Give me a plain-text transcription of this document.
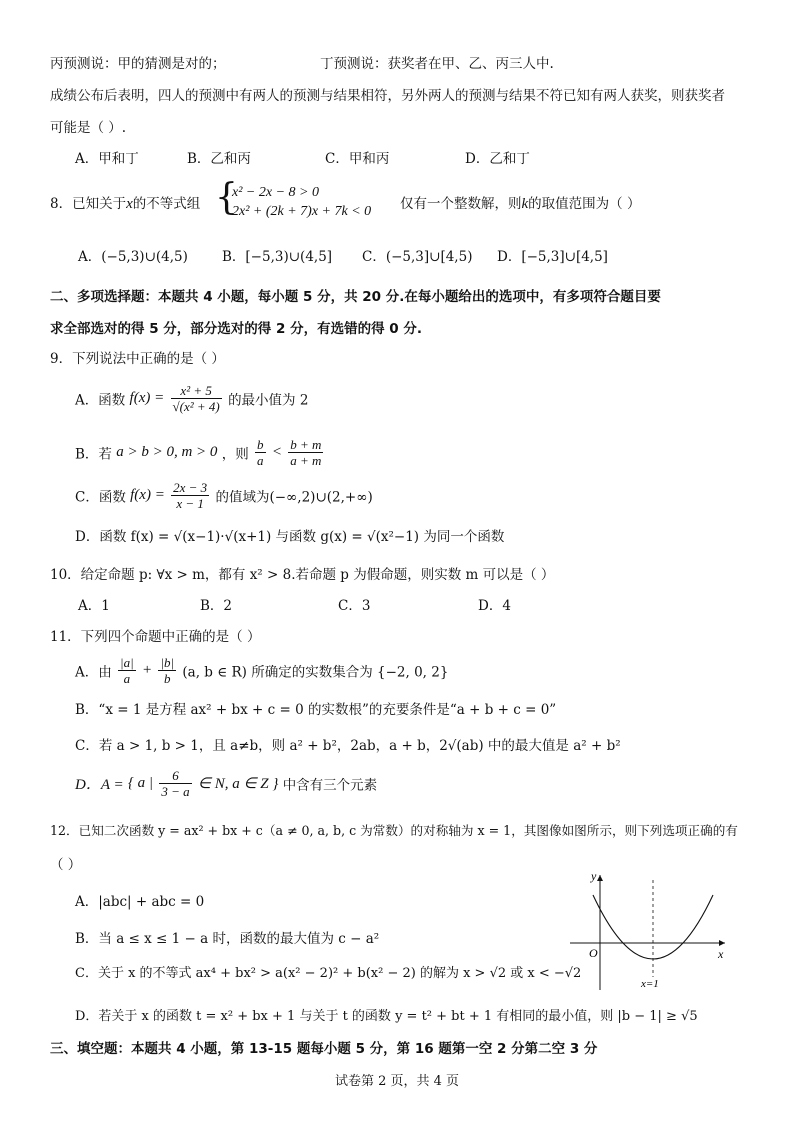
丙预测说：甲的猜测是对的；	丁预测说：获奖者在甲、乙、丙三人中.
成绩公布后表明，四人的预测中有两人的预测与结果相符，另外两人的预测与结果不符已知有两人获奖，则获奖者
可能是（ ）.
A．甲和丁	B．乙和丙	C．甲和丙	D．乙和丁
8．已知关于x的不等式组 {
x² − 2x − 8 > 0
2x² + (2k + 7)x + 7k < 0 仅有一个整数解，则k的取值范围为（ ）
A．(−5,3)∪(4,5)	B．[−5,3)∪(4,5] C．(−5,3]∪[4,5) D．[−5,3]∪[4,5]
二、多项选择题：本题共 4 小题，每小题 5 分，共 20 分.在每小题给出的选项中，有多项符合题目要
求全部选对的得 5 分，部分选对的得 2 分，有选错的得 0 分.
9．下列说法中正确的是（ ）
A．函数 $f(x) = \frac{\text{x² + 5}}{\text{√(x² + 4)}}$ 的最小值为 2
B．若 a > b > 0, m > 0 ，则 $\frac{b}{a} < \frac{b + m}{a + m}$
C．函数 $f(x) = \frac{2x - 3}{x - 1}$ 的值域为(−∞,2)∪(2,+∞)
D．函数 f(x) = √(x−1)·√(x+1) 与函数 g(x) = √(x²−1) 为同一个函数
10．给定命题 p: ∀x > m，都有 x² > 8.若命题 p 为假命题，则实数 m 可以是（ ）
A．1	B．2	C．3	D．4
11．下列四个命题中正确的是（ ）
A．由 $\frac{|a|}{a} + \frac{|b|}{b} (a$, b ∈ R) 所确定的实数集合为 {−2, 0, 2}
B．“x = 1 是方程 ax² + bx + c = 0 的实数根”的充要条件是“a + b + c = 0”
C．若 a > 1, b > 1，且 a≠b，则 a² + b²，2ab，a + b，2√(ab) 中的最大值是 a² + b²
D．A = { a | $\frac{6}{3 - a}$ ∈ N, a ∈ Z } 中含有三个元素
12．已知二次函数 y = ax² + bx + c（a ≠ 0, a, b, c 为常数）的对称轴为 x = 1，其图像如图所示，则下列选项正确的有
（ ）
A．|abc| + abc = 0
B．当 a ≤ x ≤ 1 − a 时，函数的最大值为 c − a²
C．关于 x 的不等式 ax⁴ + bx² > a(x² − 2)² + b(x² − 2) 的解为 x > √2 或 x < −√2
D．若关于 x 的函数 t = x² + bx + 1 与关于 t 的函数 y = t² + bt + 1 有相同的最小值，则 |b − 1| ≥ √5
y
x
O
x=1
三、填空题：本题共 4 小题，第 13-15 题每小题 5 分，第 16 题第一空 2 分第二空 3 分
试卷第 2 页，共 4 页
